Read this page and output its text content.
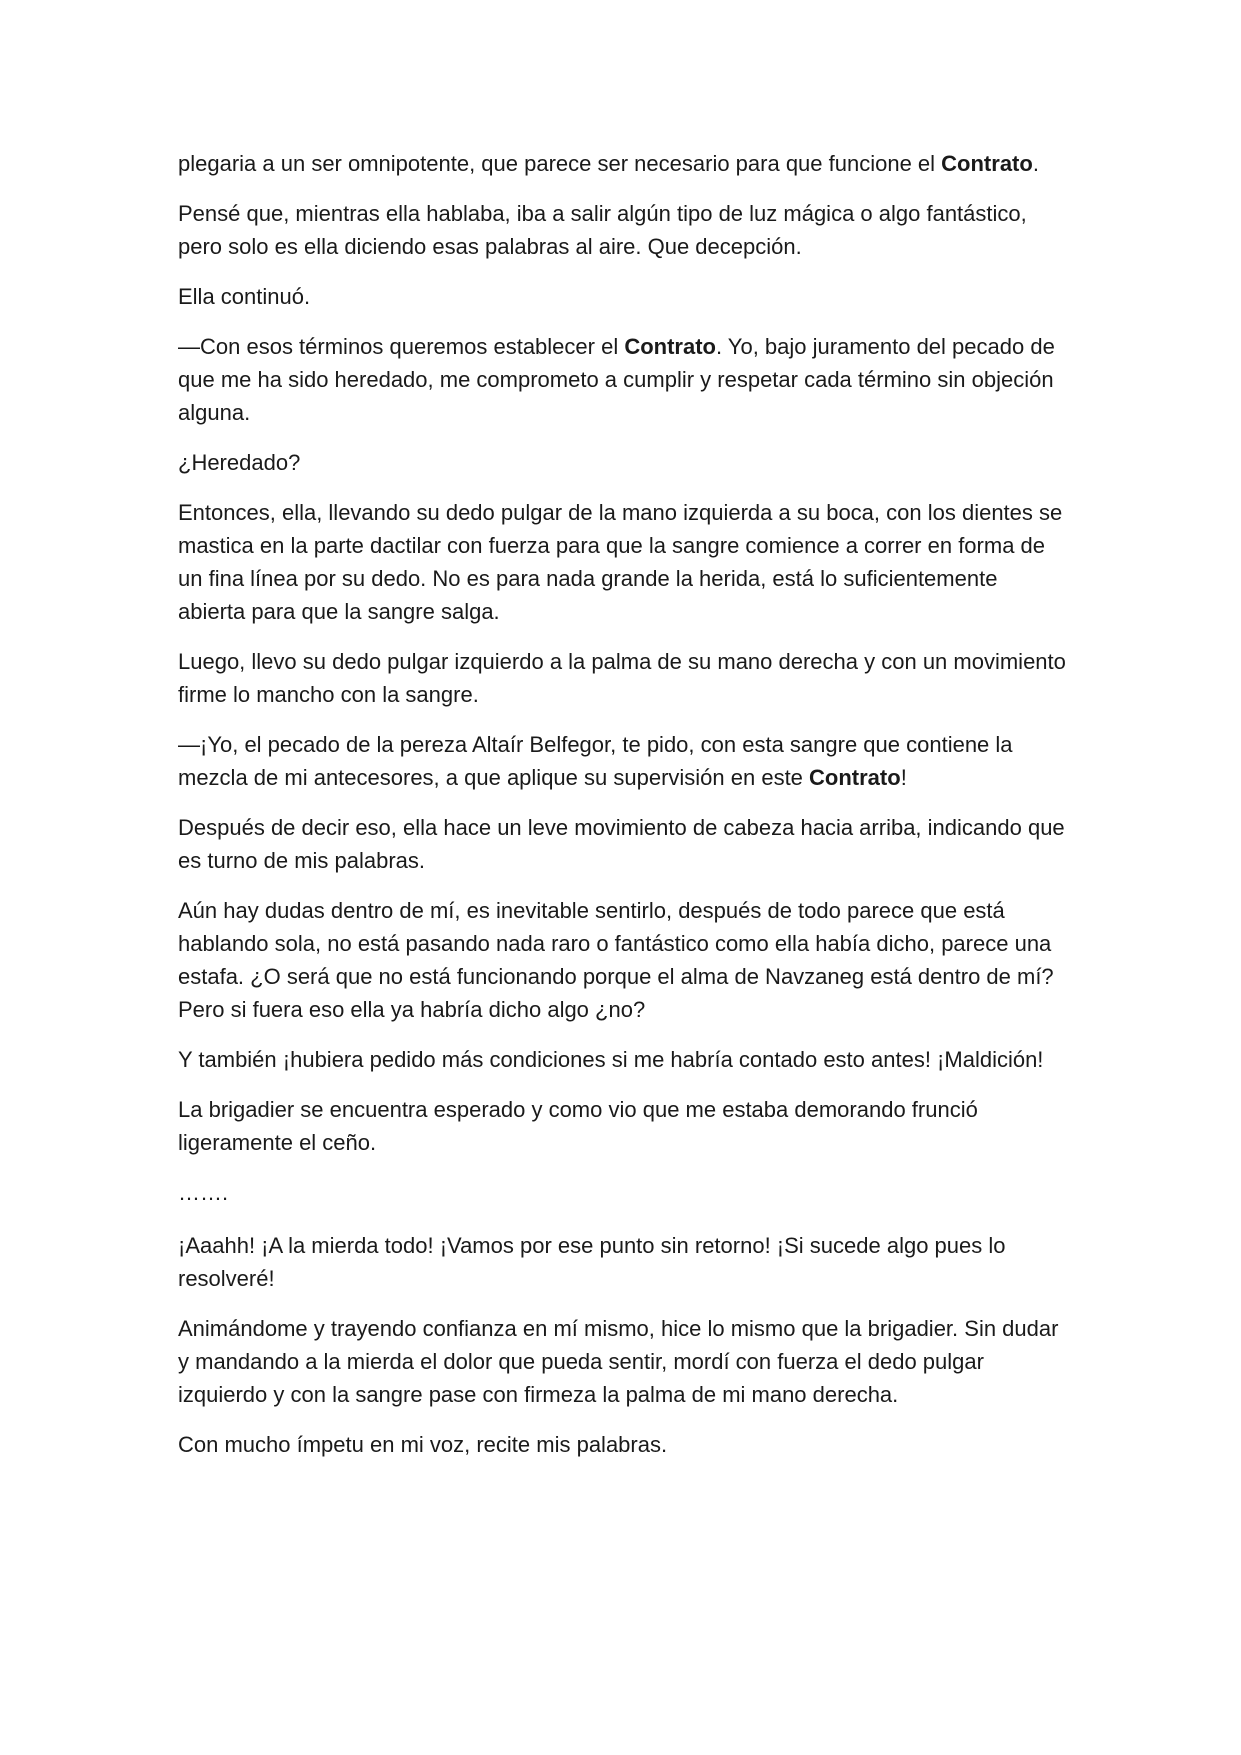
plegaria a un ser omnipotente, que parece ser necesario para que funcione el Contrato.

Pensé que, mientras ella hablaba, iba a salir algún tipo de luz mágica o algo fantástico, pero solo es ella diciendo esas palabras al aire. Que decepción.

Ella continuó.

—Con esos términos queremos establecer el Contrato. Yo, bajo juramento del pecado de que me ha sido heredado, me comprometo a cumplir y respetar cada término sin objeción alguna.

¿Heredado?

Entonces, ella, llevando su dedo pulgar de la mano izquierda a su boca, con los dientes se mastica en la parte dactilar con fuerza para que la sangre comience a correr en forma de un fina línea por su dedo. No es para nada grande la herida, está lo suficientemente abierta para que la sangre salga.

Luego, llevo su dedo pulgar izquierdo a la palma de su mano derecha y con un movimiento firme lo mancho con la sangre.

—¡Yo, el pecado de la pereza Altaír Belfegor, te pido, con esta sangre que contiene la mezcla de mi antecesores, a que aplique su supervisión en este Contrato!

Después de decir eso, ella hace un leve movimiento de cabeza hacia arriba, indicando que es turno de mis palabras.

Aún hay dudas dentro de mí, es inevitable sentirlo, después de todo parece que está hablando sola, no está pasando nada raro o fantástico como ella había dicho, parece una estafa. ¿O será que no está funcionando porque el alma de Navzaneg está dentro de mí? Pero si fuera eso ella ya habría dicho algo ¿no?

Y también ¡hubiera pedido más condiciones si me habría contado esto antes! ¡Maldición!

La brigadier se encuentra esperado y como vio que me estaba demorando frunció ligeramente el ceño.

…….

¡Aaahh! ¡A la mierda todo! ¡Vamos por ese punto sin retorno! ¡Si sucede algo pues lo resolveré!

Animándome y trayendo confianza en mí mismo, hice lo mismo que la brigadier. Sin dudar y mandando a la mierda el dolor que pueda sentir, mordí con fuerza el dedo pulgar izquierdo y con la sangre pase con firmeza la palma de mi mano derecha.

Con mucho ímpetu en mi voz, recite mis palabras.
